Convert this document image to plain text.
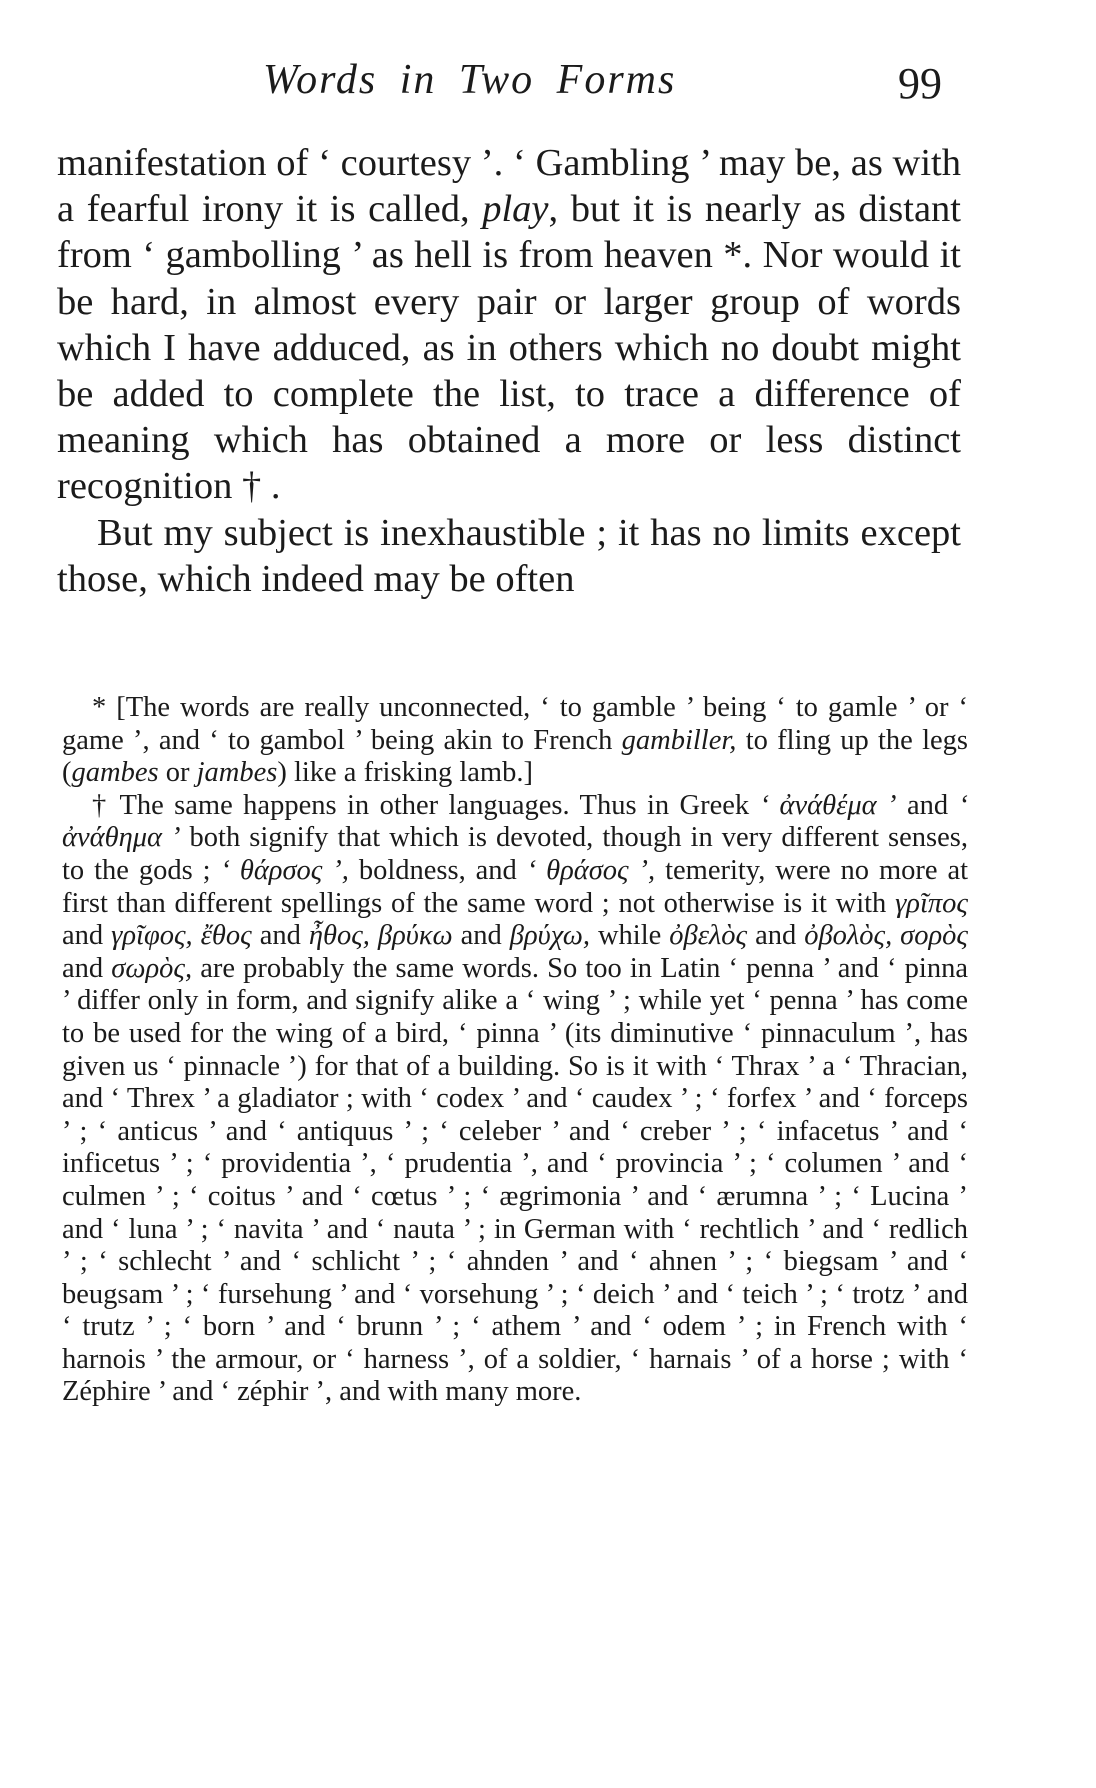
Words in Two Forms	99

manifestation of ‘ courtesy ’. ‘ Gambling ’ may be, as with a fearful irony it is called, play, but it is nearly as distant from ‘ gambolling ’ as hell is from heaven *. Nor would it be hard, in almost every pair or larger group of words which I have adduced, as in others which no doubt might be added to complete the list, to trace a difference of meaning which has obtained a more or less distinct recognition † .

But my subject is inexhaustible ; it has no limits except those, which indeed may be often

* [The words are really unconnected, ‘ to gamble ’ being ‘ to gamle ’ or ‘ game ’, and ‘ to gambol ’ being akin to French gambiller, to fling up the legs (gambes or jambes) like a frisking lamb.]

† The same happens in other languages. Thus in Greek ‘ ἀνάθέμα ’ and ‘ ἀνάθημα ’ both signify that which is devoted, though in very different senses, to the gods ; ‘ θάρσος ’, boldness, and ‘ θράσος ’, temerity, were no more at first than different spellings of the same word ; not otherwise is it with γρῖπος and γρῖφος, ἔθος and ἦθος, βρύκω and βρύχω, while ὀβελὸς and ὀβολὸς, σορὸς and σωρὸς, are probably the same words. So too in Latin ‘ penna ’ and ‘ pinna ’ differ only in form, and signify alike a ‘ wing ’ ; while yet ‘ penna ’ has come to be used for the wing of a bird, ‘ pinna ’ (its diminutive ‘ pinnaculum ’, has given us ‘ pinnacle ’) for that of a building. So is it with ‘ Thrax ’ a ‘ Thracian, and ‘ Threx ’ a gladiator ; with ‘ codex ’ and ‘ caudex ’ ; ‘ forfex ’ and ‘ forceps ’ ; ‘ anticus ’ and ‘ antiquus ’ ; ‘ celeber ’ and ‘ creber ’ ; ‘ infacetus ’ and ‘ inficetus ’ ; ‘ providentia ’, ‘ prudentia ’, and ‘ provincia ’ ; ‘ columen ’ and ‘ culmen ’ ; ‘ coitus ’ and ‘ cœtus ’ ; ‘ ægrimonia ’ and ‘ ærumna ’ ; ‘ Lucina ’ and ‘ luna ’ ; ‘ navita ’ and ‘ nauta ’ ; in German with ‘ rechtlich ’ and ‘ redlich ’ ; ‘ schlecht ’ and ‘ schlicht ’ ; ‘ ahnden ’ and ‘ ahnen ’ ; ‘ biegsam ’ and ‘ beugsam ’ ; ‘ fursehung ’ and ‘ vorsehung ’ ; ‘ deich ’ and ‘ teich ’ ; ‘ trotz ’ and ‘ trutz ’ ; ‘ born ’ and ‘ brunn ’ ; ‘ athem ’ and ‘ odem ’ ; in French with ‘ harnois ’ the armour, or ‘ harness ’, of a soldier, ‘ harnais ’ of a horse ; with ‘ Zéphire ’ and ‘ zéphir ’, and with many more.
